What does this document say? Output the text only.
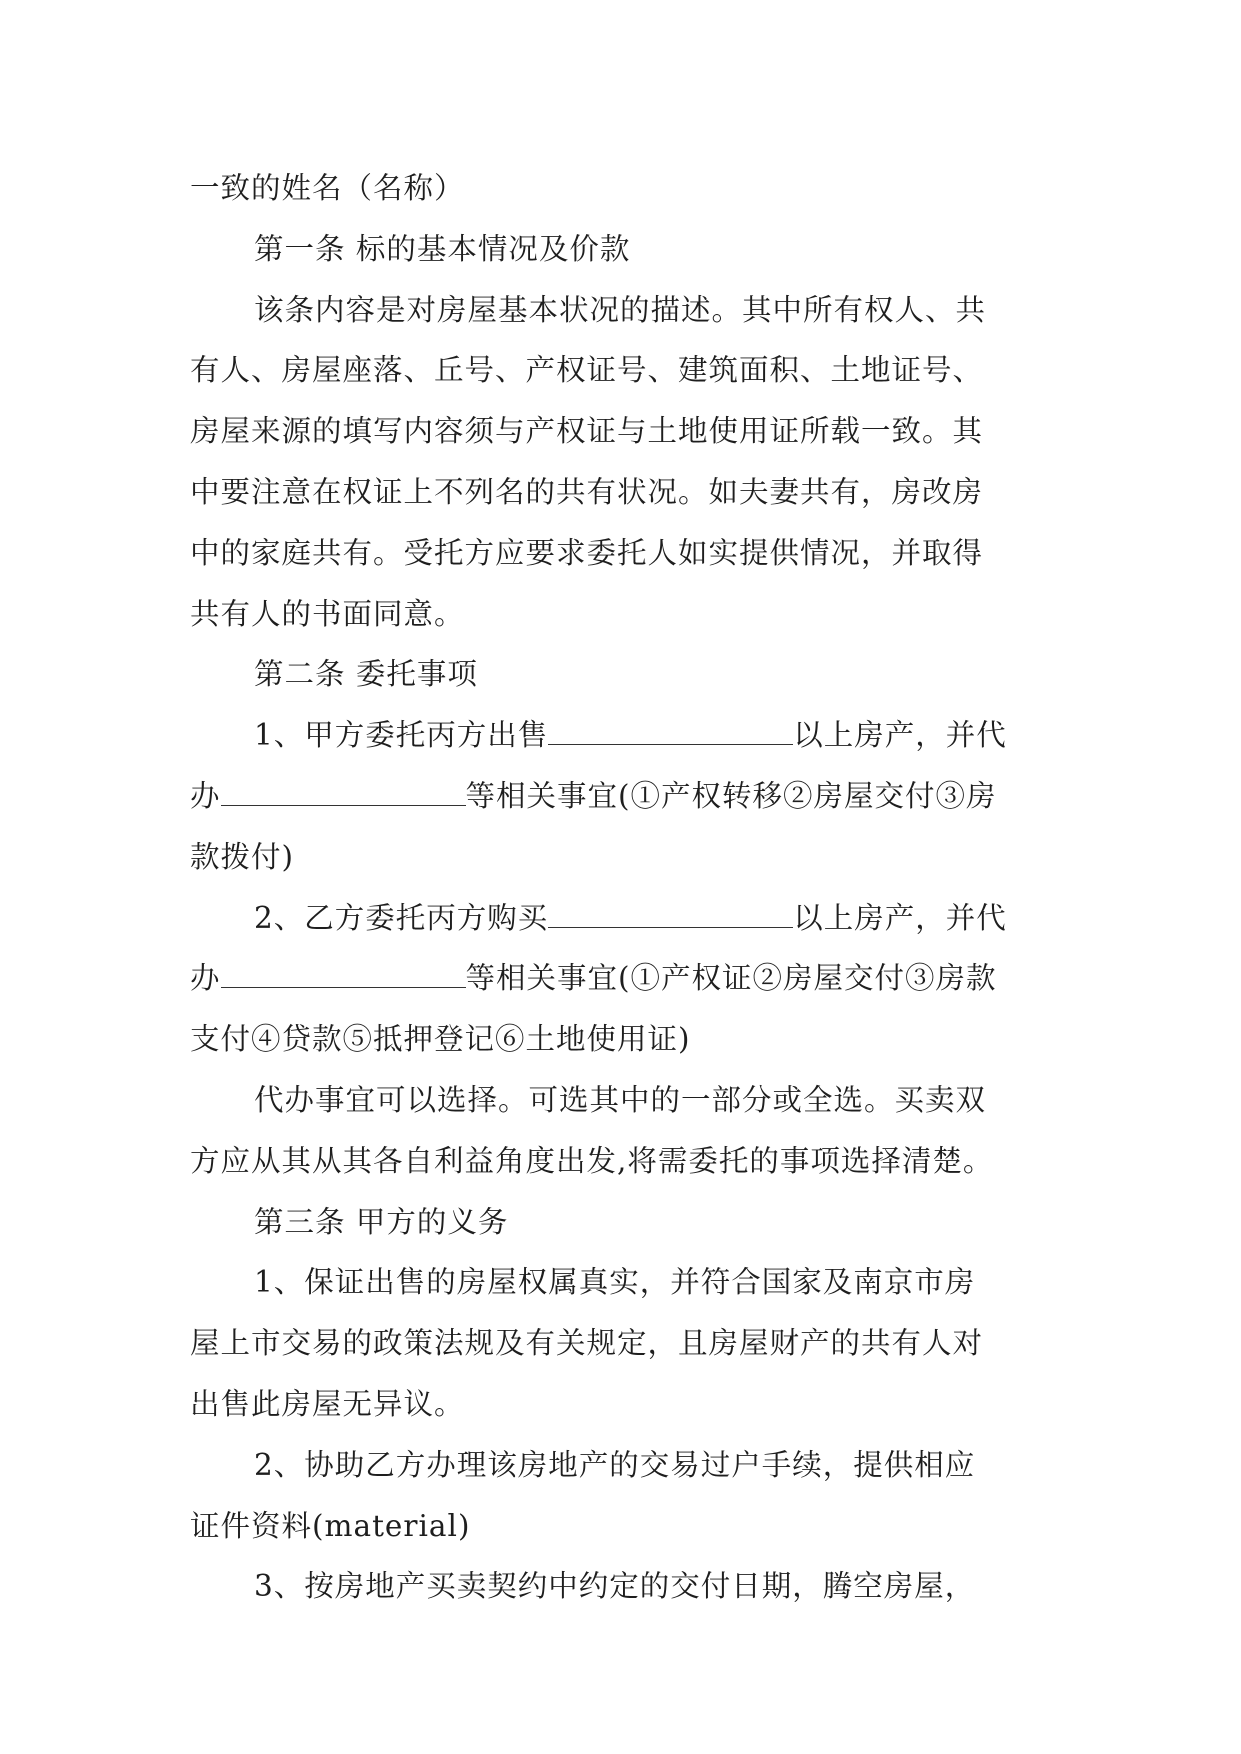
一致的姓名（名称）
第一条 标的基本情况及价款
该条内容是对房屋基本状况的描述。其中所有权人、共
有人、房屋座落、丘号、产权证号、建筑面积、土地证号、
房屋来源的填写内容须与产权证与土地使用证所载一致。其
中要注意在权证上不列名的共有状况。如夫妻共有，房改房
中的家庭共有。受托方应要求委托人如实提供情况，并取得
共有人的书面同意。
第二条 委托事项
1、甲方委托丙方出售	以上房产，并代
办	等相关事宜(①产权转移②房屋交付③房
款拨付)
2、乙方委托丙方购买	以上房产，并代
办	等相关事宜(①产权证②房屋交付③房款
支付④贷款⑤抵押登记⑥土地使用证)
代办事宜可以选择。可选其中的一部分或全选。买卖双
方应从其从其各自利益角度出发,将需委托的事项选择清楚。
第三条 甲方的义务
1、保证出售的房屋权属真实，并符合国家及南京市房
屋上市交易的政策法规及有关规定，且房屋财产的共有人对
出售此房屋无异议。
2、协助乙方办理该房地产的交易过户手续，提供相应
证件资料(material)
3、按房地产买卖契约中约定的交付日期，腾空房屋，
